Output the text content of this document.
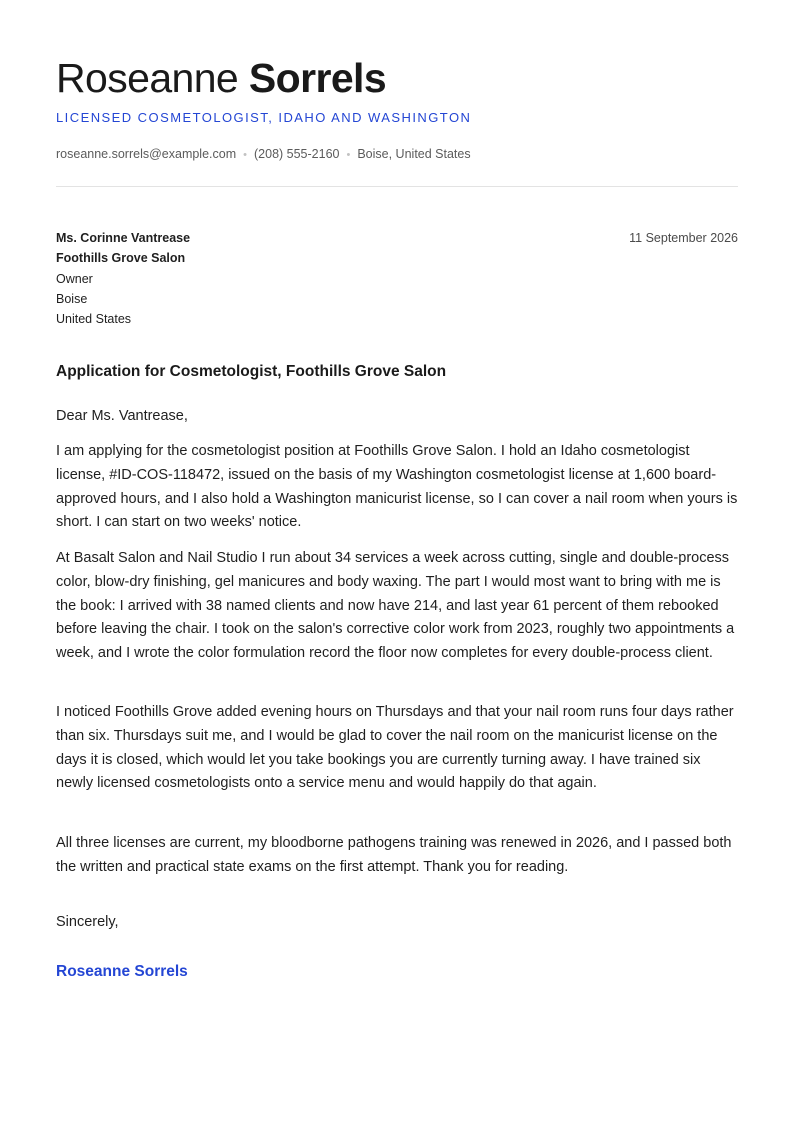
Roseanne Sorrels
LICENSED COSMETOLOGIST, IDAHO AND WASHINGTON
roseanne.sorrels@example.com • (208) 555-2160 • Boise, United States
Ms. Corinne Vantrease
Foothills Grove Salon
Owner
Boise
United States
11 September 2026
Application for Cosmetologist, Foothills Grove Salon
Dear Ms. Vantrease,

I am applying for the cosmetologist position at Foothills Grove Salon. I hold an Idaho cosmetologist license, #ID-COS-118472, issued on the basis of my Washington cosmetologist license at 1,600 board-approved hours, and I also hold a Washington manicurist license, so I can cover a nail room when yours is short. I can start on two weeks' notice.

At Basalt Salon and Nail Studio I run about 34 services a week across cutting, single and double-process color, blow-dry finishing, gel manicures and body waxing. The part I would most want to bring with me is the book: I arrived with 38 named clients and now have 214, and last year 61 percent of them rebooked before leaving the chair. I took on the salon's corrective color work from 2023, roughly two appointments a week, and I wrote the color formulation record the floor now completes for every double-process client.

I noticed Foothills Grove added evening hours on Thursdays and that your nail room runs four days rather than six. Thursdays suit me, and I would be glad to cover the nail room on the manicurist license on the days it is closed, which would let you take bookings you are currently turning away. I have trained six newly licensed cosmetologists onto a service menu and would happily do that again.

All three licenses are current, my bloodborne pathogens training was renewed in 2026, and I passed both the written and practical state exams on the first attempt. Thank you for reading.

Sincerely,
Roseanne Sorrels
